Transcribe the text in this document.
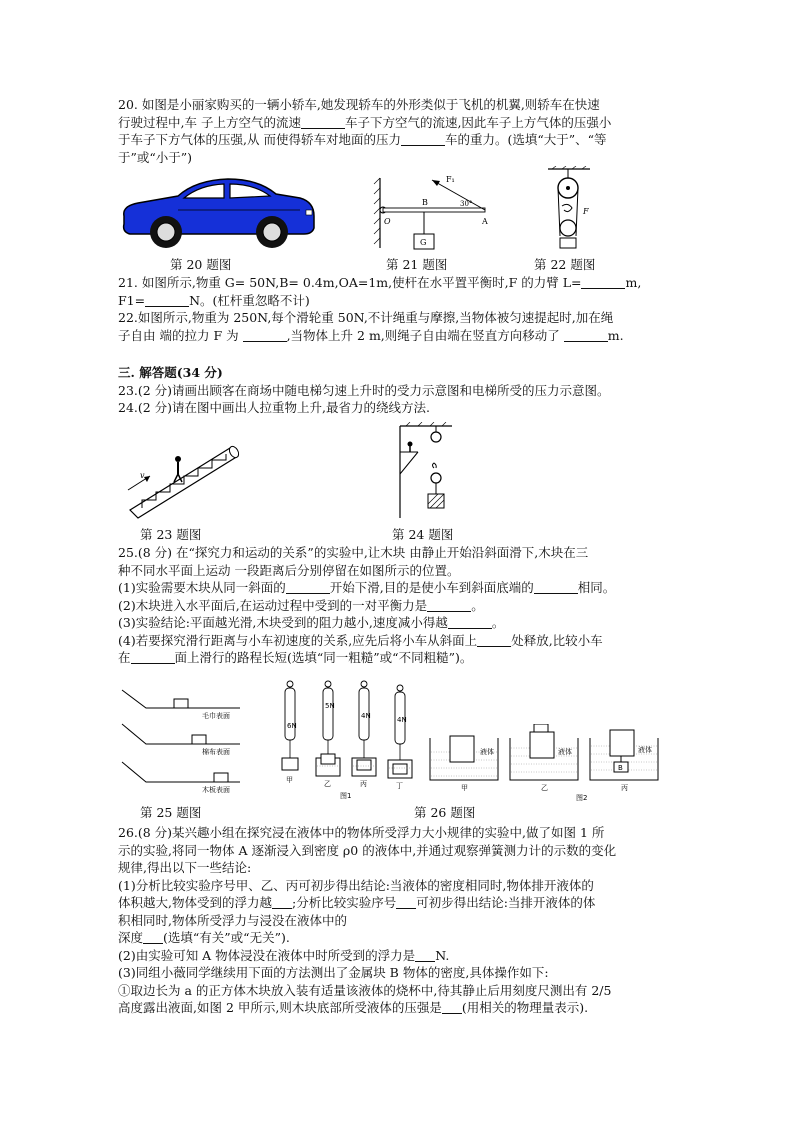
20. 如图是小丽家购买的一辆小轿车,她发现轿车的外形类似于飞机的机翼,则轿车在快速
行驶过程中,车 子上方空气的流速	车子下方空气的流速,因此车子上方气体的压强小
于车子下方气体的压强,从 而使得轿车对地面的压力	车的重力。(选填“大于”、“等
于”或“小于”)

第 20 题图
F₁
B	30°
O	A
G
第 21 题图
F
第 22 题图

21. 如图所示,物重 G= 50N,B= 0.4m,OA=1m,使杆在水平置平衡时,F 的力臂 L=	m,
F1=	N。(杠杆重忽略不计)
22.如图所示,物重为 250N,每个滑轮重 50N,不计绳重与摩擦,当物体被匀速提起时,加在绳
子自由 端的拉力 F 为	,当物体上升 2 m,则绳子自由端在竖直方向移动了	m.

三. 解答题(34 分)
23.(2 分)请画出顾客在商场中随电梯匀速上升时的受力示意图和电梯所受的压力示意图。
24.(2 分)请在图中画出人拉重物上升,最省力的绕线方法.

v
第 23 题图	第 24 题图

25.(8 分) 在“探究力和运动的关系”的实验中,让木块 由静止开始沿斜面滑下,木块在三
种不同水平面上运动 一段距离后分别停留在如图所示的位置。
(1)实验需要木块从同一斜面的	开始下滑,目的是使小车到斜面底端的	相同。
(2)木块进入水平面后,在运动过程中受到的一对平衡力是	。
(3)实验结论:平面越光滑,木块受到的阻力越小,速度减小得越	。
(4)若要探究滑行距离与小车初速度的关系,应先后将小车从斜面上	处释放,比较小车
在	面上滑行的路程长短(选填“同一粗糙”或“不同粗糙”)。

毛巾表面
棉布表面
木板表面
第 25 题图
6N
5N
4N	4N
甲	乙	丙	丁
图1
液体	液体	液体
B
甲	乙	丙
图2
第 26 题图

26.(8 分)某兴趣小组在探究浸在液体中的物体所受浮力大小规律的实验中,做了如图 1 所
示的实验,将同一物体 A 逐渐浸入到密度 ρ0 的液体中,并通过观察弹簧测力计的示数的变化
规律,得出以下一些结论:
(1)分析比较实验序号甲、乙、丙可初步得出结论:当液体的密度相同时,物体排开液体的
体积越大,物体受到的浮力越 ;分析比较实验序号 可初步得出结论:当排开液体的体
积相同时,物体所受浮力与浸没在液体中的
深度 (选填“有关”或“无关”).
(2)由实验可知 A 物体浸没在液体中时所受到的浮力是 N.
(3)同组小薇同学继续用下面的方法测出了金属块 B 物体的密度,具体操作如下:
①取边长为 a 的正方体木块放入装有适量该液体的烧杯中,待其静止后用刻度尺测出有 2/5
高度露出液面,如图 2 甲所示,则木块底部所受液体的压强是 (用相关的物理量表示).
